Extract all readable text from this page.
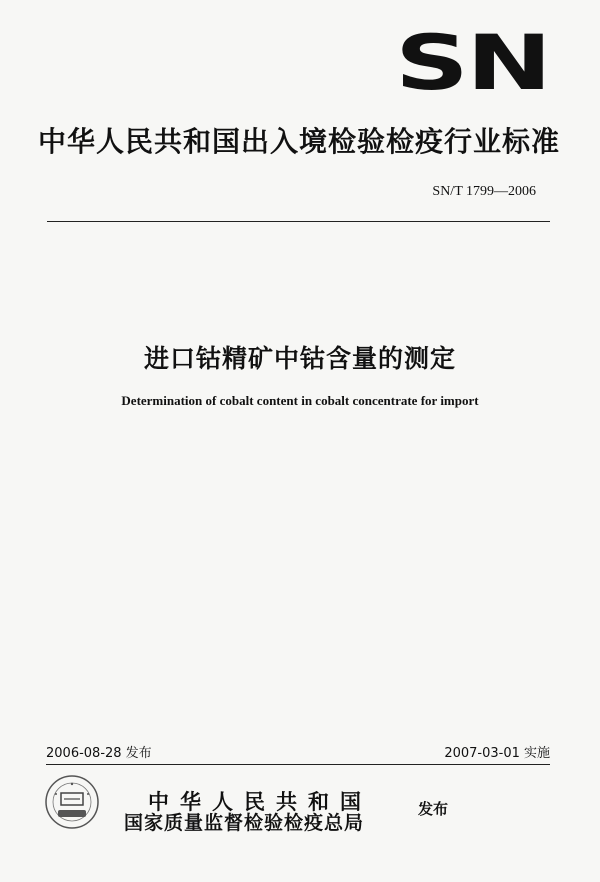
SN
中华人民共和国出入境检验检疫行业标准
SN/T 1799—2006
进口钴精矿中钴含量的测定
Determination of cobalt content in cobalt concentrate for import
2006-08-28 发布	2007-03-01 实施
中华人民共和国
国家质量监督检验检疫总局
发布
